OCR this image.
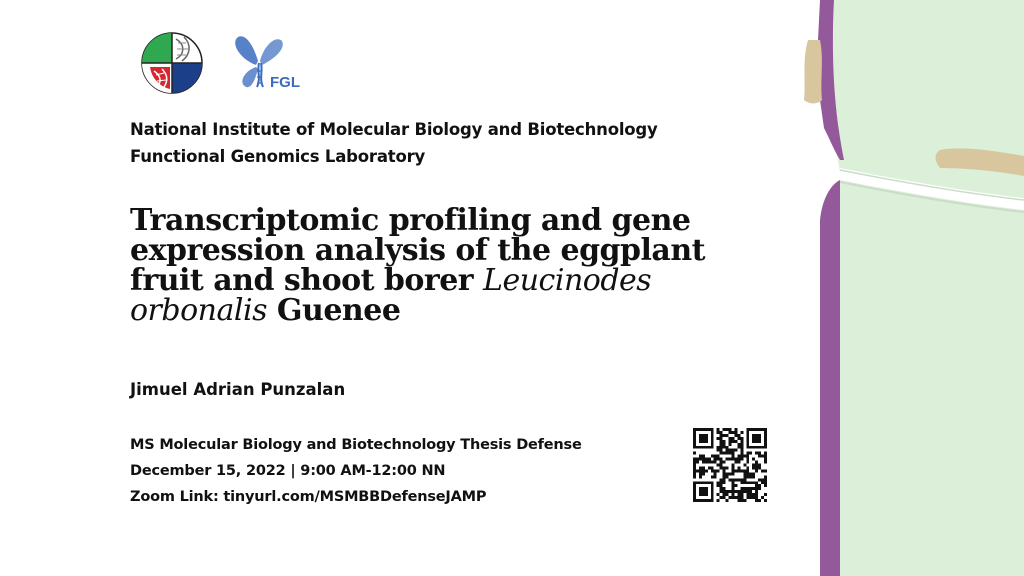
FGL
National Institute of Molecular Biology and Biotechnology
Functional Genomics Laboratory
Transcriptomic profiling and gene
expression analysis of the eggplant
fruit and shoot borer Leucinodes
orbonalis Guenee
Jimuel Adrian Punzalan
MS Molecular Biology and Biotechnology Thesis Defense
December 15, 2022 | 9:00 AM-12:00 NN
Zoom Link: tinyurl.com/MSMBBDefenseJAMP
